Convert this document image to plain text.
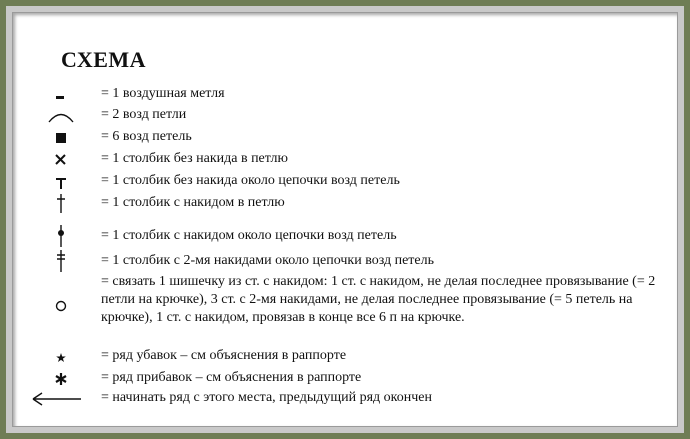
СХЕМА
= 1 воздушная метля
= 2 возд петли
= 6 возд петель
= 1 столбик без накида в петлю
= 1 столбик без накида около цепочки возд петель
= 1 столбик с накидом в петлю
= 1 столбик с накидом около цепочки возд петель
= 1 столбик с 2-мя накидами около цепочки возд петель
= связать 1 шишечку из ст. с накидом: 1 ст. с накидом, не делая последнее провязывание (= 2 петли на крючке), 3 ст. с 2-мя накидами, не делая последнее провязывание (= 5 петель на крючке), 1 ст. с накидом, провязав в конце все 6 п на крючке.
= ряд убавок – см объяснения в раппорте
= ряд прибавок – см объяснения в раппорте
= начинать ряд с этого места, предыдущий ряд окончен
